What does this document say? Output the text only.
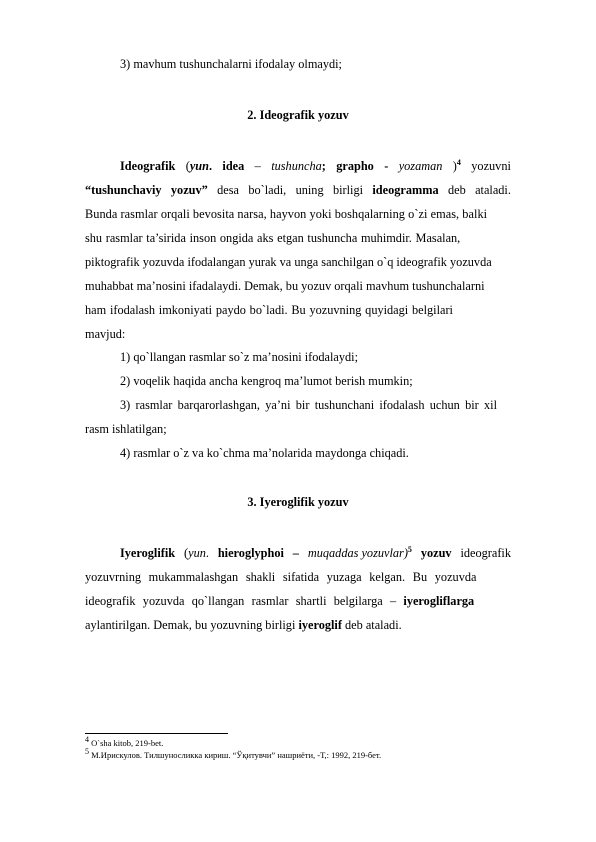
3) mavhum tushunchalarni ifodalay olmaydi;
2. Ideografik yozuv
Ideografik (yun. idea – tushuncha; grapho - yozaman )$^4$ yozuvni
“tushunchaviy yozuv” desa bo`ladi, uning birligi ideogramma deb ataladi.
Bunda rasmlar orqali bevosita narsa, hayvon yoki boshqalarning o`zi emas, balki
shu rasmlar ta’sirida inson ongida aks etgan tushuncha muhimdir. Masalan,
piktografik yozuvda ifodalangan yurak va unga sanchilgan o`q ideografik yozuvda
muhabbat ma’nosini ifadalaydi. Demak, bu yozuv orqali mavhum tushunchalarni
ham ifodalash imkoniyati paydo bo`ladi. Bu yozuvning quyidagi belgilari
mavjud:
1) qo`llangan rasmlar so`z ma’nosini ifodalaydi;
2) voqelik haqida ancha kengroq ma’lumot berish mumkin;
3) rasmlar barqarorlashgan, ya’ni bir tushunchani ifodalash uchun bir xil
rasm ishlatilgan;
4) rasmlar o`z va ko`chma ma’nolarida maydonga chiqadi.
3. Iyeroglifik yozuv
Iyeroglifik (yun. hieroglyphoi – muqaddas yozuvlar)$^5$ yozuv ideografik
yozuvrning mukammalashgan shakli sifatida yuzaga kelgan. Bu yozuvda
ideografik yozuvda qo`llangan rasmlar shartli belgilarga – iyerogliflarga
aylantirilgan. Demak, bu yozuvning birligi iyeroglif deb ataladi.
$^4$ O`sha kitob, 219-bet.
$^5$ М.Ирискулов. Тилшуносликка кириш. “Ўқитувчи” нашриёти, -Т,: 1992, 219-бет.
